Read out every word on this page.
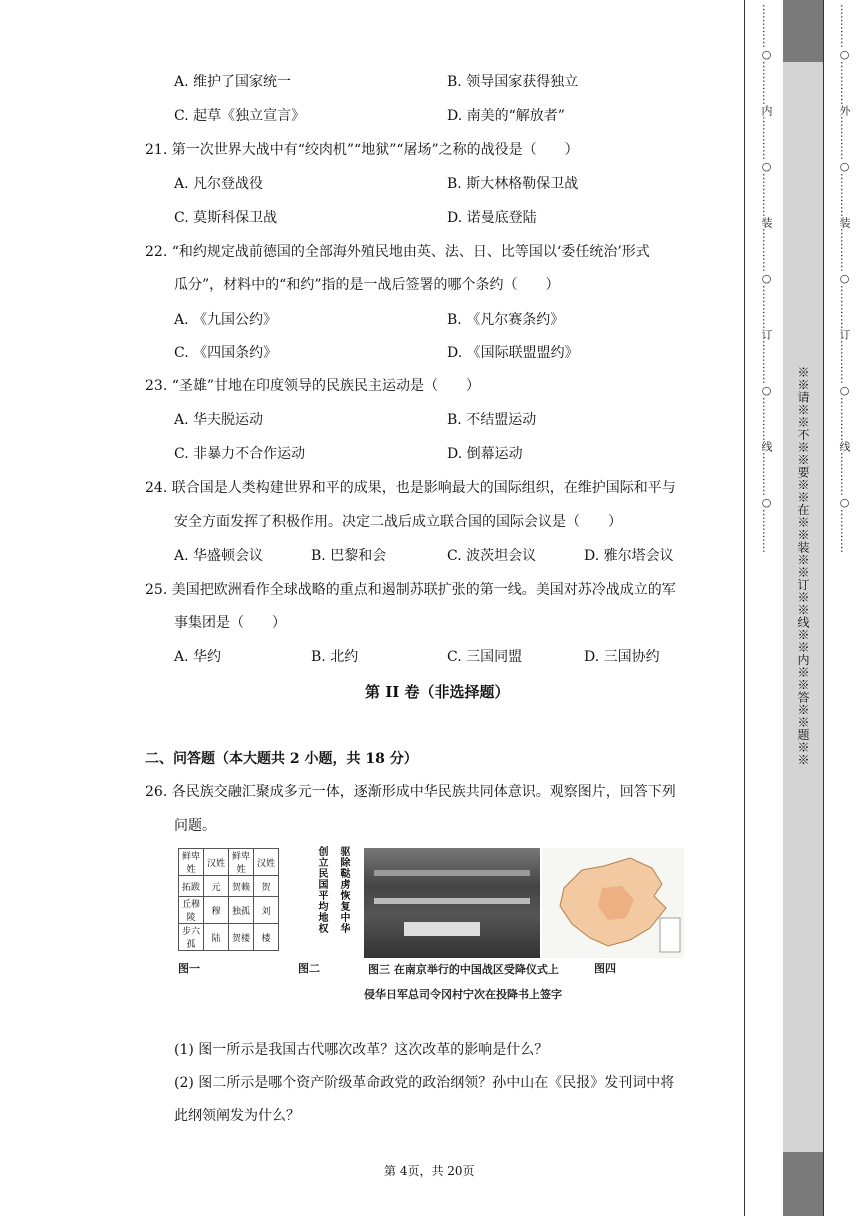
A. 维护了国家统一	B. 领导国家获得独立
C. 起草《独立宣言》	D. 南美的“解放者”
21. 第一次世界大战中有“绞肉机”“地狱”“屠场”之称的战役是（　　）
A. 凡尔登战役	B. 斯大林格勒保卫战
C. 莫斯科保卫战	D. 诺曼底登陆
22. “和约规定战前德国的全部海外殖民地由英、法、日、比等国以‘委任统治’形式
瓜分”，材料中的“和约”指的是一战后签署的哪个条约（　　）
A. 《九国公约》	B. 《凡尔赛条约》
C. 《四国条约》	D. 《国际联盟盟约》
23. “圣雄”甘地在印度领导的民族民主运动是（　　）
A. 华夫脱运动	B. 不结盟运动
C. 非暴力不合作运动	D. 倒幕运动
24. 联合国是人类构建世界和平的成果，也是影响最大的国际组织，在维护国际和平与
安全方面发挥了积极作用。决定二战后成立联合国的国际会议是（　　）
A. 华盛顿会议	B. 巴黎和会	C. 波茨坦会议	D. 雅尔塔会议
25. 美国把欧洲看作全球战略的重点和遏制苏联扩张的第一线。美国对苏冷战成立的军
事集团是（　　）
A. 华约	B. 北约	C. 三国同盟	D. 三国协约
第 II 卷（非选择题）
二、问答题（本大题共 2 小题，共 18 分）
26. 各民族交融汇聚成多元一体，逐渐形成中华民族共同体意识。观察图片，回答下列
问题。
鲜卑姓	汉姓	鲜卑姓	汉姓
拓跋	元	贺赖	贺
丘穆陵	穆	独孤	刘
步六孤	陆	贺楼	楼
创立民国平均地权 驱除鞑虏恢复中华
图一	图二	图三 在南京举行的中国战区受降仪式上
侵华日军总司令冈村宁次在投降书上签字
图四
(1) 图一所示是我国古代哪次改革？这次改革的影响是什么？
(2) 图二所示是哪个资产阶级革命政党的政治纲领？孙中山在《民报》发刊词中将
此纲领阐发为什么？
第 4页，共 20页
…………○…………内…………○…………装…………○…………订…………○…………线…………○…………
※※请※※不※※要※※在※※装※※订※※线※※内※※答※※题※※
…………○…………外…………○…………装…………○…………订…………○…………线…………○…………
